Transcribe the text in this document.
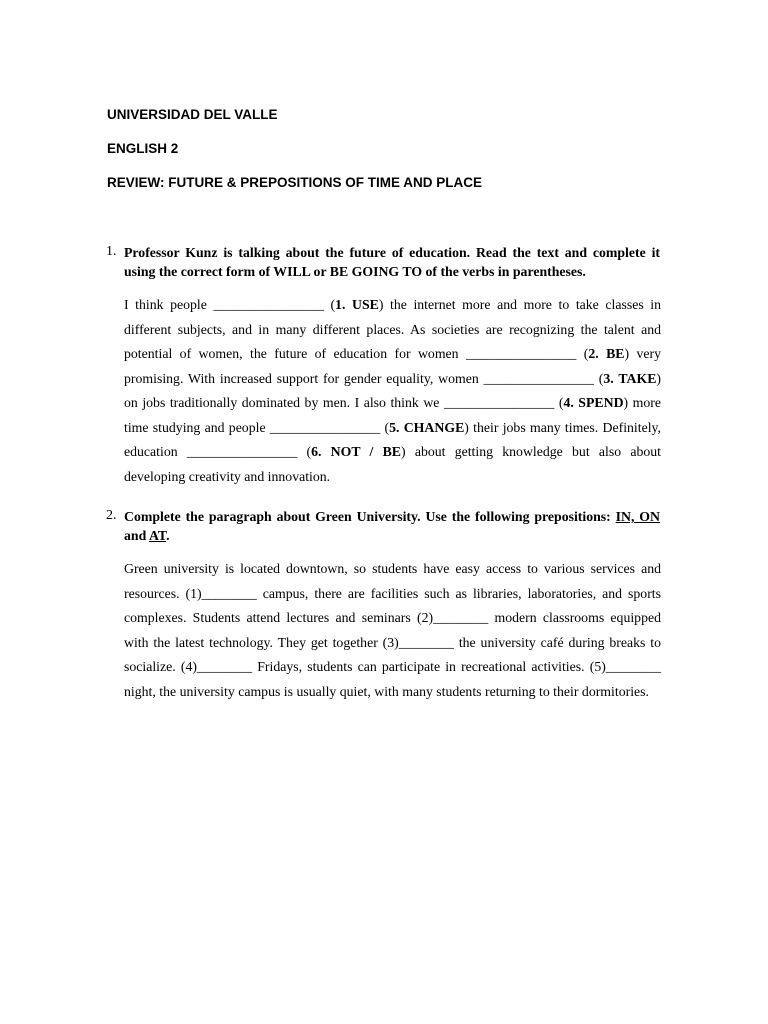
UNIVERSIDAD DEL VALLE
ENGLISH 2
REVIEW: FUTURE & PREPOSITIONS OF TIME AND PLACE
1. Professor Kunz is talking about the future of education. Read the text and complete it using the correct form of WILL or BE GOING TO of the verbs in parentheses.
I think people ________________ (1. USE) the internet more and more to take classes in different subjects, and in many different places. As societies are recognizing the talent and potential of women, the future of education for women ________________ (2. BE) very promising. With increased support for gender equality, women ________________ (3. TAKE) on jobs traditionally dominated by men. I also think we ________________ (4. SPEND) more time studying and people ________________ (5. CHANGE) their jobs many times. Definitely, education ________________ (6. NOT / BE) about getting knowledge but also about developing creativity and innovation.
2. Complete the paragraph about Green University. Use the following prepositions: IN, ON and AT.
Green university is located downtown, so students have easy access to various services and resources. (1)________ campus, there are facilities such as libraries, laboratories, and sports complexes. Students attend lectures and seminars (2)________ modern classrooms equipped with the latest technology. They get together (3)________ the university café during breaks to socialize. (4)________ Fridays, students can participate in recreational activities. (5)________ night, the university campus is usually quiet, with many students returning to their dormitories.
